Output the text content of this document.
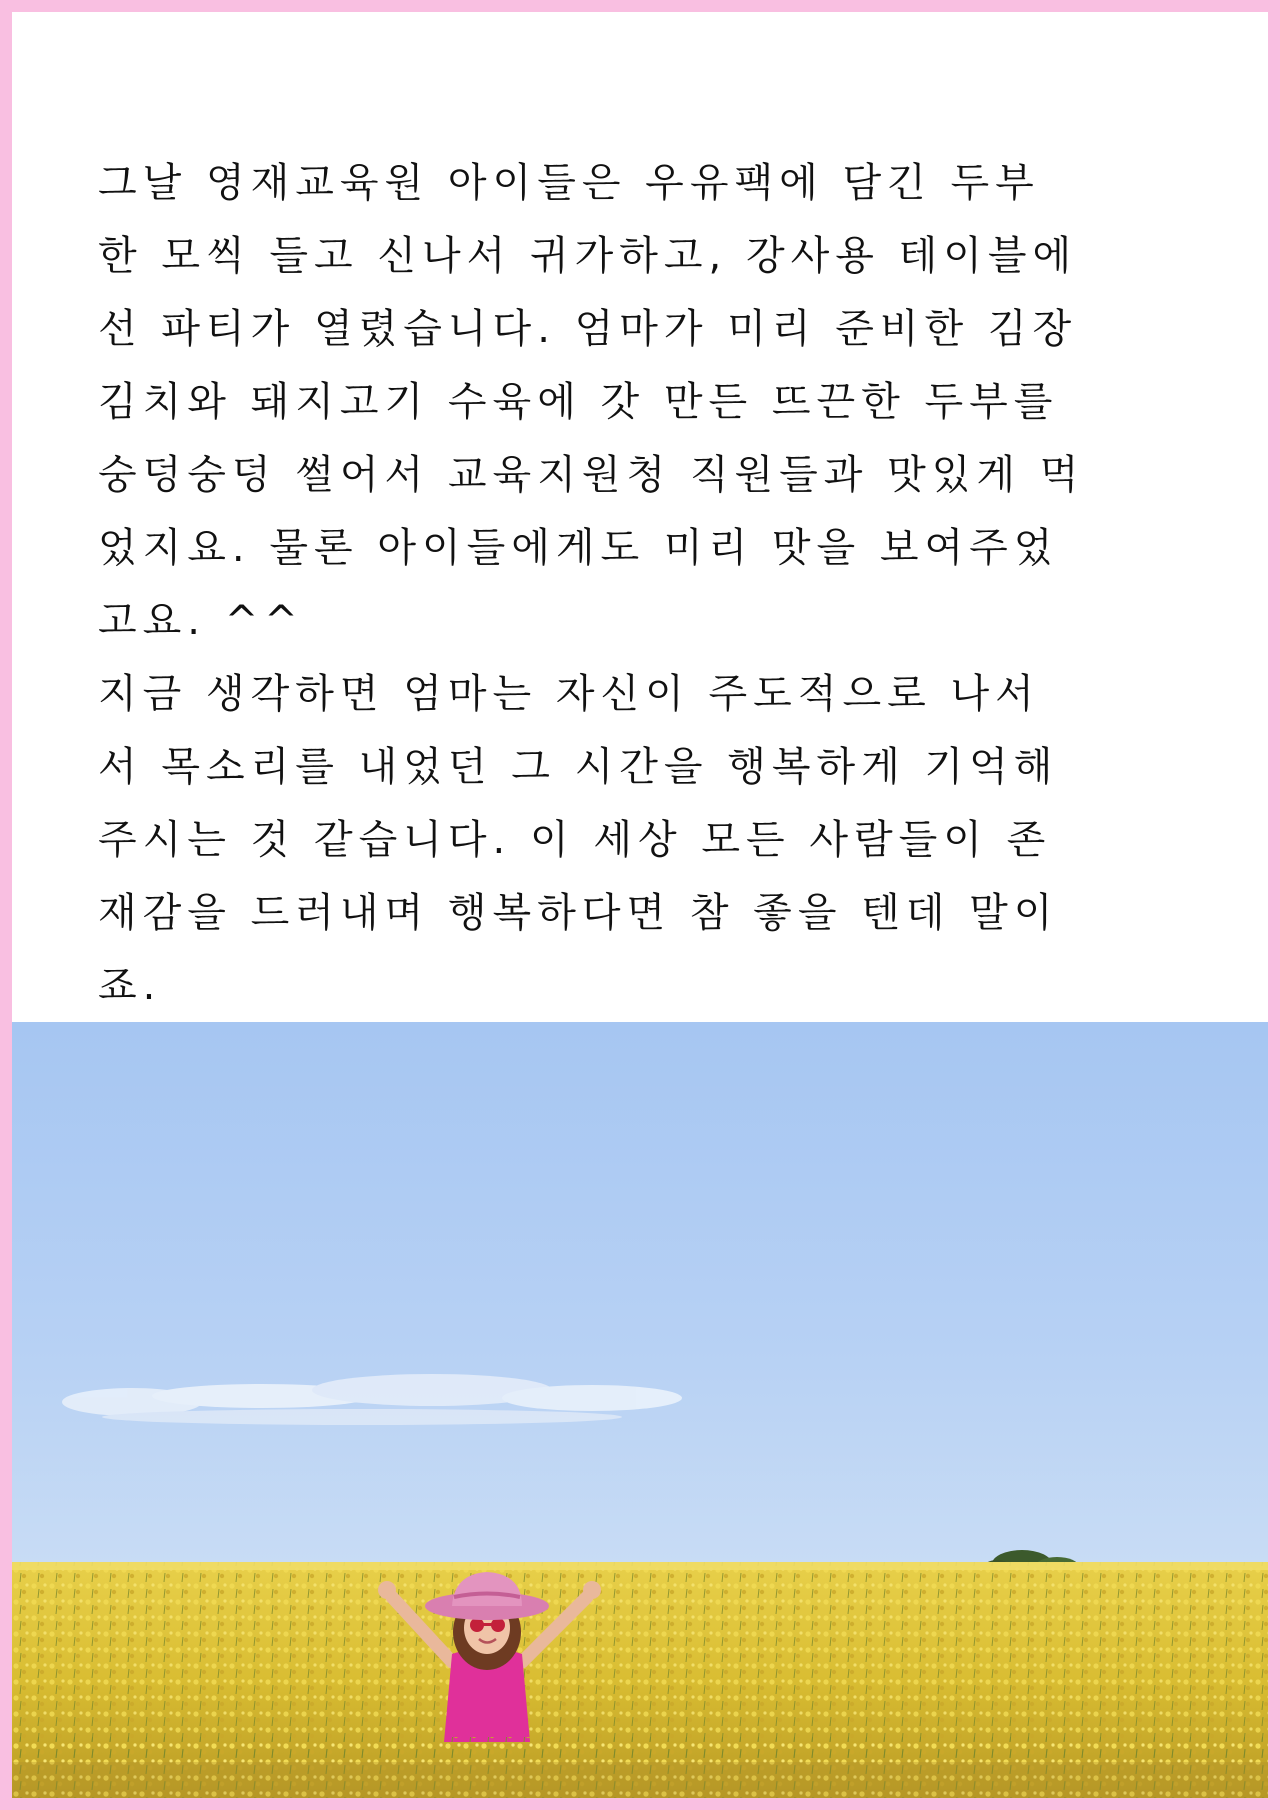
그날 영재교육원 아이들은 우유팩에 담긴 두부
한 모씩 들고 신나서 귀가하고, 강사용 테이블에
선 파티가 열렸습니다. 엄마가 미리 준비한 김장
김치와 돼지고기 수육에 갓 만든 뜨끈한 두부를
숭덩숭덩 썰어서 교육지원청 직원들과 맛있게 먹
었지요. 물론 아이들에게도 미리 맛을 보여주었
고요. ^^
지금 생각하면 엄마는 자신이 주도적으로 나서
서 목소리를 내었던 그 시간을 행복하게 기억해
주시는 것 같습니다. 이 세상 모든 사람들이 존
재감을 드러내며 행복하다면 참 좋을 텐데 말이
죠.
